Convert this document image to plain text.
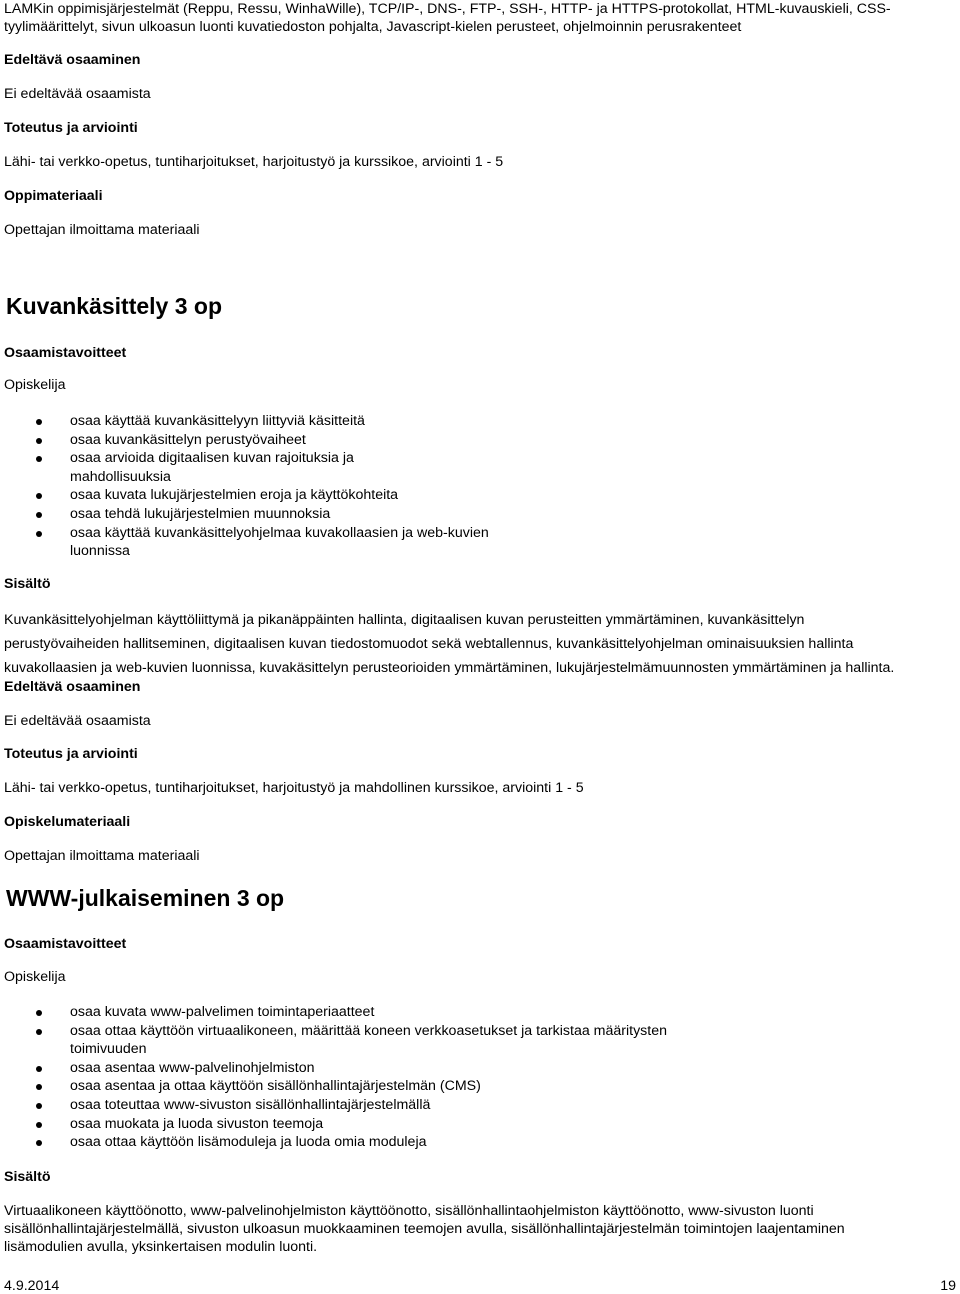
LAMKin oppimisjärjestelmät (Reppu, Ressu, WinhaWille), TCP/IP-, DNS-, FTP-, SSH-, HTTP- ja HTTPS-protokollat, HTML-kuvauskieli, CSS-
tyylimäärittelyt, sivun ulkoasun luonti kuvatiedoston pohjalta, Javascript-kielen perusteet, ohjelmoinnin perusrakenteet
Edeltävä osaaminen
Ei edeltävää osaamista
Toteutus ja arviointi
Lähi- tai verkko-opetus, tuntiharjoitukset, harjoitustyö ja kurssikoe, arviointi 1 - 5
Oppimateriaali
Opettajan ilmoittama materiaali
Kuvankäsittely 3 op
Osaamistavoitteet
Opiskelija
osaa käyttää kuvankäsittelyyn liittyviä käsitteitä
osaa kuvankäsittelyn perustyövaiheet
osaa arvioida digitaalisen kuvan rajoituksia ja
mahdollisuuksia
osaa kuvata lukujärjestelmien eroja ja käyttökohteita
osaa tehdä lukujärjestelmien muunnoksia
osaa käyttää kuvankäsittelyohjelmaa kuvakollaasien ja web-kuvien
luonnissa
Sisältö
Kuvankäsittelyohjelman käyttöliittymä ja pikanäppäinten hallinta, digitaalisen kuvan perusteitten ymmärtäminen, kuvankäsittelyn
perustyövaiheiden hallitseminen, digitaalisen kuvan tiedostomuodot sekä webtallennus, kuvankäsittelyohjelman ominaisuuksien hallinta
kuvakollaasien ja web-kuvien luonnissa, kuvakäsittelyn perusteorioiden ymmärtäminen, lukujärjestelmämuunnosten ymmärtäminen ja hallinta.
Edeltävä osaaminen
Ei edeltävää osaamista
Toteutus ja arviointi
Lähi- tai verkko-opetus, tuntiharjoitukset, harjoitustyö ja mahdollinen kurssikoe, arviointi 1 - 5
Opiskelumateriaali
Opettajan ilmoittama materiaali
WWW-julkaiseminen 3 op
Osaamistavoitteet
Opiskelija
osaa kuvata www-palvelimen toimintaperiaatteet
osaa ottaa käyttöön virtuaalikoneen, määrittää koneen verkkoasetukset ja tarkistaa määritysten
toimivuuden
osaa asentaa www-palvelinohjelmiston
osaa asentaa ja ottaa käyttöön sisällönhallintajärjestelmän (CMS)
osaa toteuttaa www-sivuston sisällönhallintajärjestelmällä
osaa muokata ja luoda sivuston teemoja
osaa ottaa käyttöön lisämoduleja ja luoda omia moduleja
Sisältö
Virtuaalikoneen käyttöönotto, www-palvelinohjelmiston käyttöönotto, sisällönhallintaohjelmiston käyttöönotto, www-sivuston luonti
sisällönhallintajärjestelmällä, sivuston ulkoasun muokkaaminen teemojen avulla, sisällönhallintajärjestelmän toimintojen laajentaminen
lisämodulien avulla, yksinkertaisen modulin luonti.
4.9.2014	19
